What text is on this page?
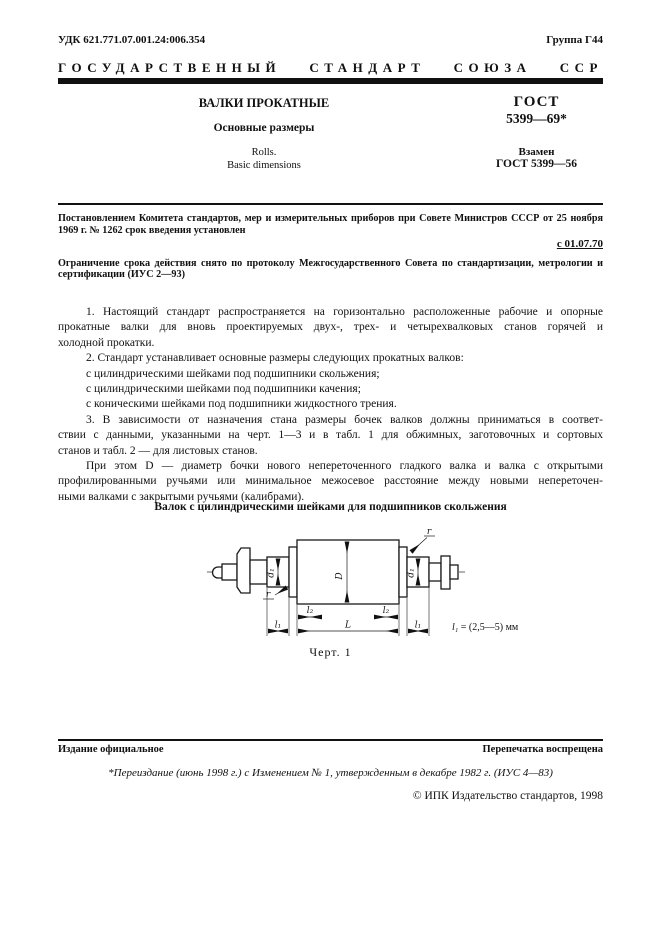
УДК 621.771.07.001.24:006.354	Группа Г44
ГОСУДАРСТВЕННЫЙ СТАНДАРТ СОЮЗА ССР
ВАЛКИ ПРОКАТНЫЕ
Основные размеры
Rolls.
Basic dimensions
ГОСТ
5399—69*
Взамен
ГОСТ 5399—56
Постановлением Комитета стандартов, мер и измерительных приборов при Совете Министров СССР от 25 ноября
1969 г. № 1262 срок введения установлен
с 01.07.70
Ограничение срока действия снято по протоколу Межгосударственного Совета по стандартизации, метрологии и
сертификации (ИУС 2—93)
1. Настоящий стандарт распространяется на горизонтально расположенные рабочие и опорные
прокатные валки для вновь проектируемых двух-, трех- и четырехвалковых станов горячей и
холодной прокатки.
2. Стандарт устанавливает основные размеры следующих прокатных валков:
с цилиндрическими шейками под подшипники скольжения;
с цилиндрическими шейками под подшипники качения;
с коническими шейками под подшипники жидкостного трения.
3. В зависимости от назначения стана размеры бочек валков должны приниматься в соответ-
ствии с данными, указанными на черт. 1—3 и в табл. 1 для обжимных, заготовочных и сортовых
станов и табл. 2 — для листовых станов.
При этом D — диаметр бочки нового непереточенного гладкого валка и валка с открытыми
профилированными ручьями или минимальное межосевое расстояние между новыми непереточен-
ными валками с закрытыми ручьями (калибрами).
Валок с цилиндрическими шейками для подшипников скольжения
D
d₁	d₁
r
r
l₂	l₂
L
l₁	l₁	l₁ = (2,5—5) мм
Черт. 1
Издание официальное	Перепечатка воспрещена
*Переиздание (июнь 1998 г.) с Изменением № 1, утвержденным в декабре 1982 г. (ИУС 4—83)
© ИПК Издательство стандартов, 1998
